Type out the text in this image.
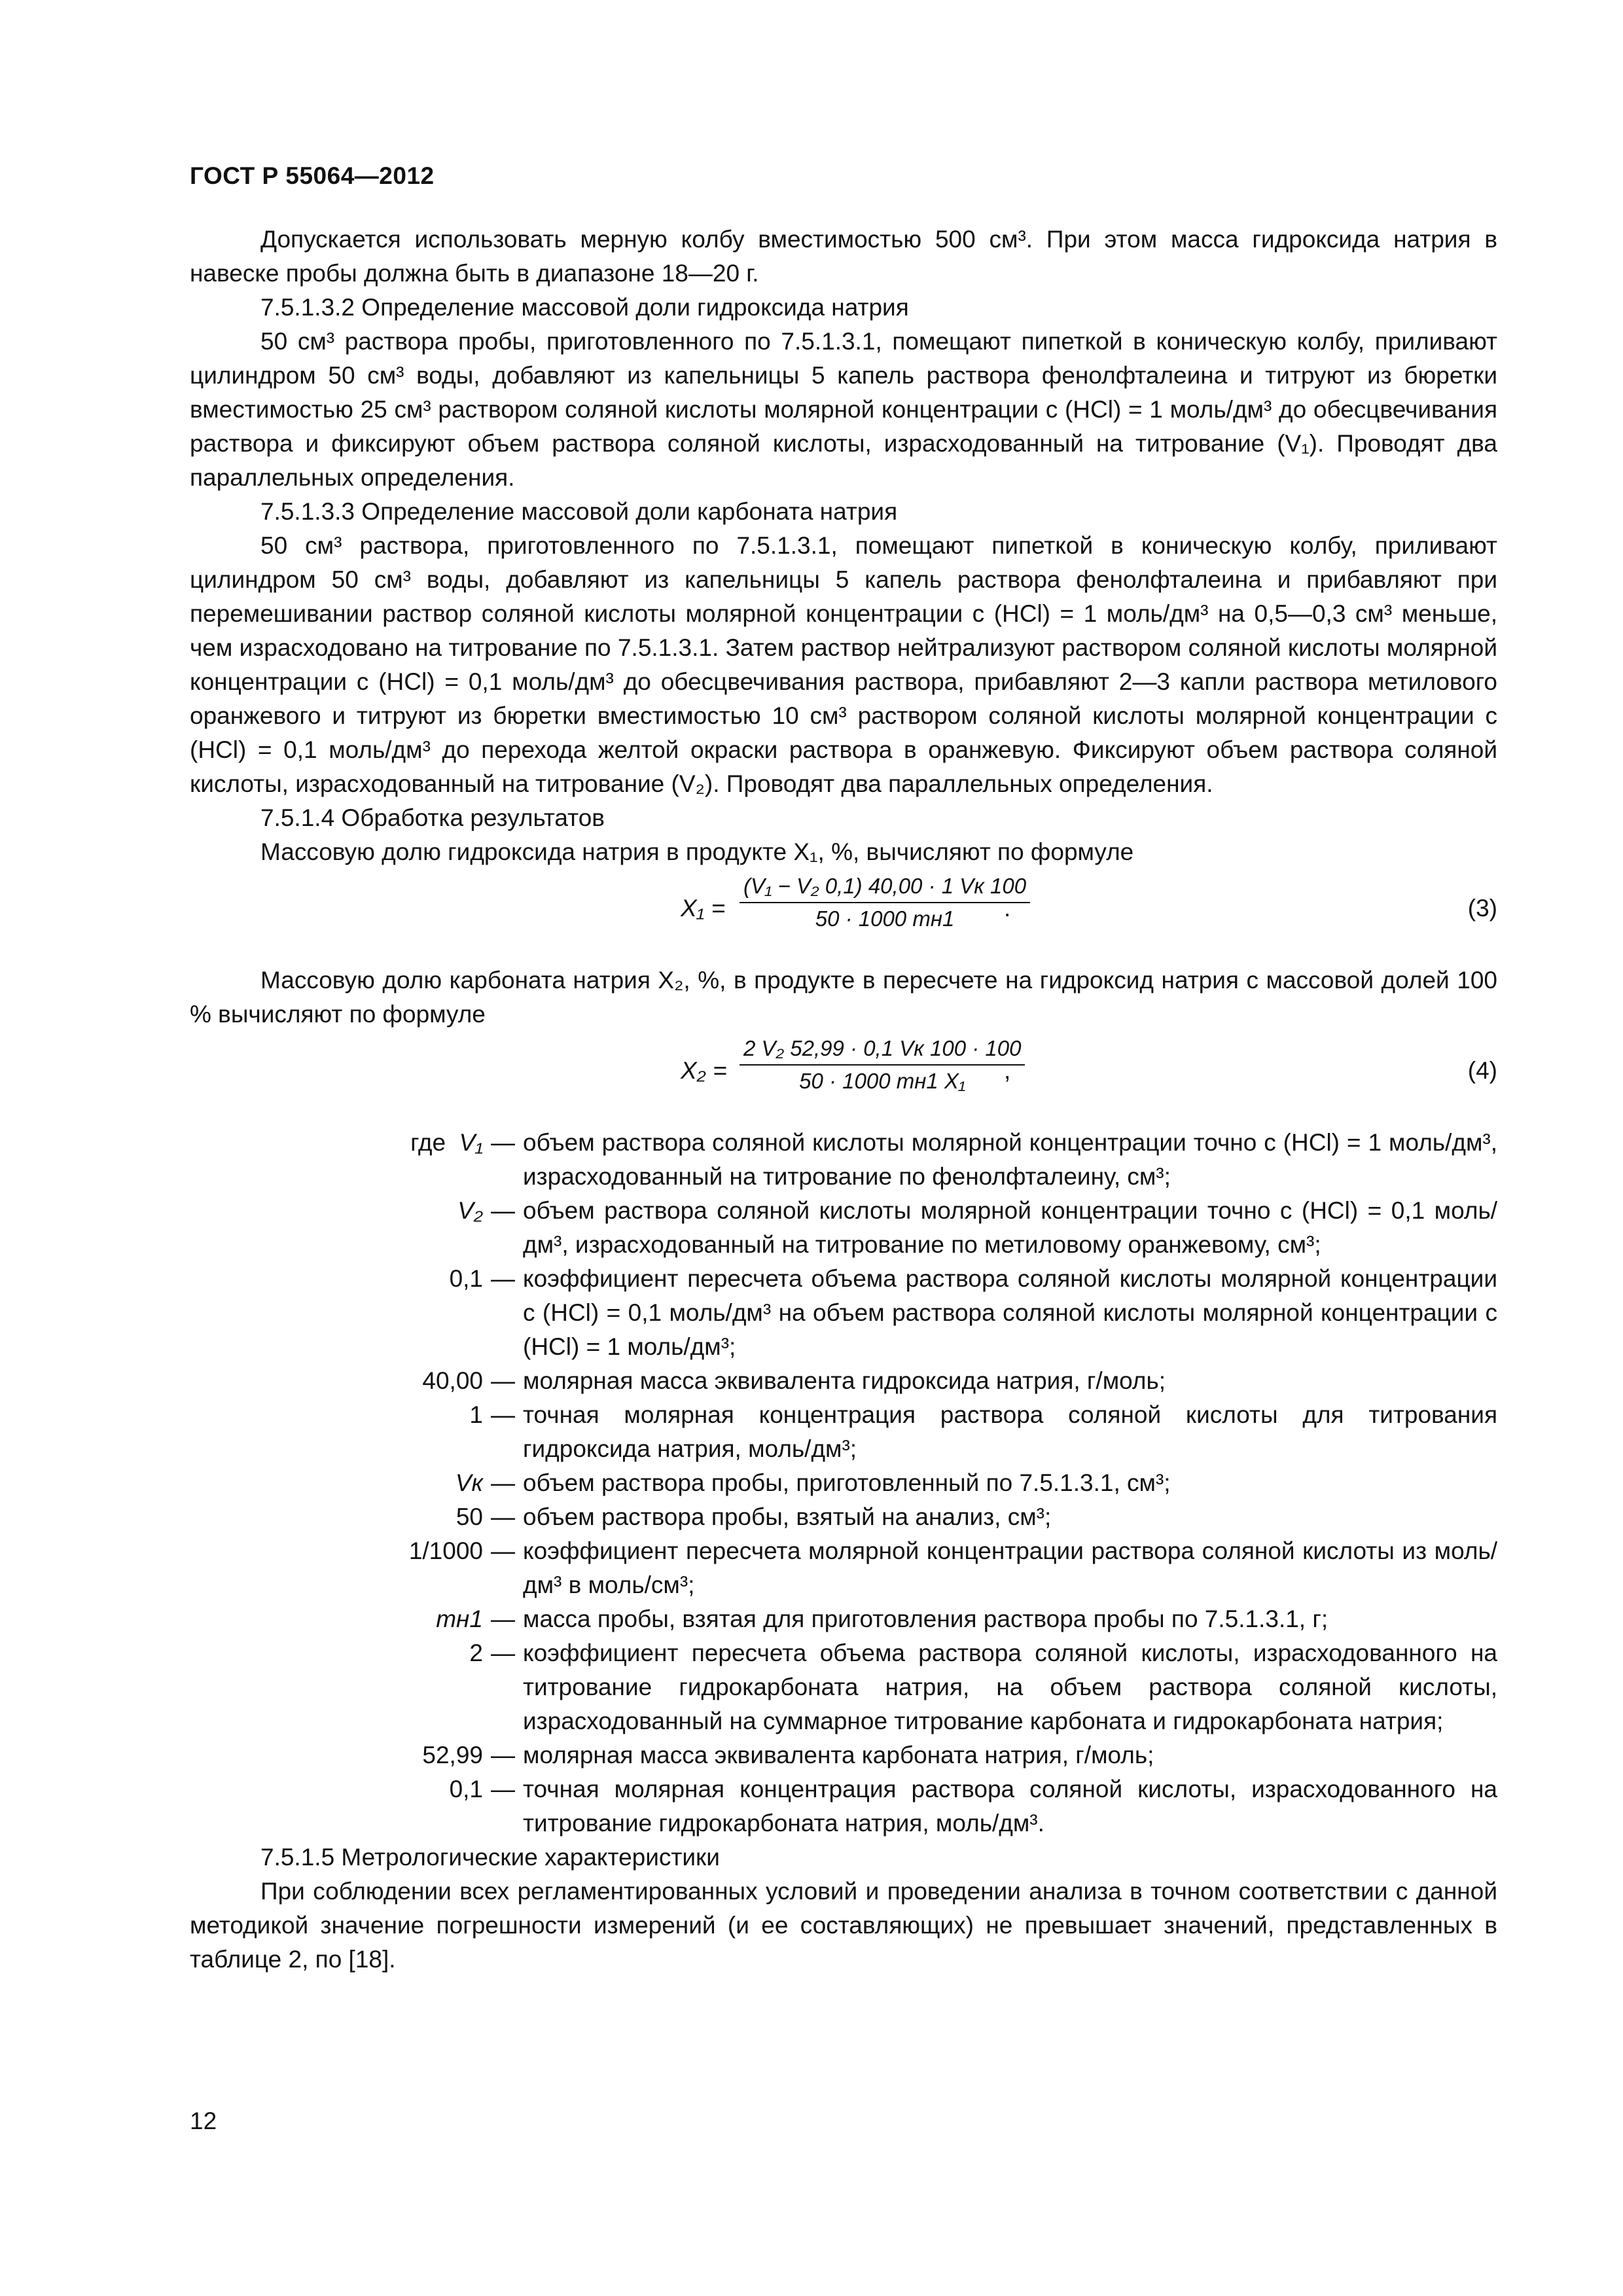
ГОСТ Р 55064—2012

Допускается использовать мерную колбу вместимостью 500 см³. При этом масса гидроксида натрия в навеске пробы должна быть в диапазоне 18—20 г.

7.5.1.3.2 Определение массовой доли гидроксида натрия

50 см³ раствора пробы, приготовленного по 7.5.1.3.1, помещают пипеткой в коническую колбу, приливают цилиндром 50 см³ воды, добавляют из капельницы 5 капель раствора фенолфталеина и титруют из бюретки вместимостью 25 см³ раствором соляной кислоты молярной концентрации с (HCl) = 1 моль/дм³ до обесцвечивания раствора и фиксируют объем раствора соляной кислоты, израсходованный на титрование (V₁). Проводят два параллельных определения.

7.5.1.3.3 Определение массовой доли карбоната натрия

50 см³ раствора, приготовленного по 7.5.1.3.1, помещают пипеткой в коническую колбу, приливают цилиндром 50 см³ воды, добавляют из капельницы 5 капель раствора фенолфталеина и прибавляют при перемешивании раствор соляной кислоты молярной концентрации с (HCl) = 1 моль/дм³ на 0,5—0,3 см³ меньше, чем израсходовано на титрование по 7.5.1.3.1. Затем раствор нейтрализуют раствором соляной кислоты молярной концентрации с (HCl) = 0,1 моль/дм³ до обесцвечивания раствора, прибавляют 2—3 капли раствора метилового оранжевого и титруют из бюретки вместимостью 10 см³ раствором соляной кислоты молярной концентрации с (HCl) = 0,1 моль/дм³ до перехода желтой окраски раствора в оранжевую. Фиксируют объем раствора соляной кислоты, израсходованный на титрование (V₂). Проводят два параллельных определения.

7.5.1.4 Обработка результатов

Массовую долю гидроксида натрия в продукте X₁, %, вычисляют по формуле

X₁ =
(V₁ − V₂ 0,1) 40,00 · 1 Vк 100
50 · 1000 mн1	.	(3)

Массовую долю карбоната натрия X₂, %, в продукте в пересчете на гидроксид натрия с массовой долей 100 % вычисляют по формуле

X₂ =
2 V₂ 52,99 · 0,1 Vк 100 · 100
50 · 1000 mн1 X₁	,	(4)
где V₁ — объем раствора соляной кислоты молярной концентрации точно с (HCl) = 1 моль/дм³, израсходованный на титрование по фенолфталеину, см³;
V₂ — объем раствора соляной кислоты молярной концентрации точно с (HCl) = 0,1 моль/дм³, израсходованный на титрование по метиловому оранжевому, см³;
0,1 — коэффициент пересчета объема раствора соляной кислоты молярной концентрации с (HCl) = 0,1 моль/дм³ на объем раствора соляной кислоты молярной концентрации с (HCl) = 1 моль/дм³;
40,00 — молярная масса эквивалента гидроксида натрия, г/моль;
1 — точная молярная концентрация раствора соляной кислоты для титрования гидроксида натрия, моль/дм³;
Vк — объем раствора пробы, приготовленный по 7.5.1.3.1, см³;
50 — объем раствора пробы, взятый на анализ, см³;
1/1000 — коэффициент пересчета молярной концентрации раствора соляной кислоты из моль/дм³ в моль/см³;
mн1 — масса пробы, взятая для приготовления раствора пробы по 7.5.1.3.1, г;
2 — коэффициент пересчета объема раствора соляной кислоты, израсходованного на титрование гидрокарбоната натрия, на объем раствора соляной кислоты, израсходованный на суммарное титрование карбоната и гидрокарбоната натрия;
52,99 — молярная масса эквивалента карбоната натрия, г/моль;
0,1 — точная молярная концентрация раствора соляной кислоты, израсходованного на титрование гидрокарбоната натрия, моль/дм³.

7.5.1.5 Метрологические характеристики

При соблюдении всех регламентированных условий и проведении анализа в точном соответствии с данной методикой значение погрешности измерений (и ее составляющих) не превышает значений, представленных в таблице 2, по [18].

12
